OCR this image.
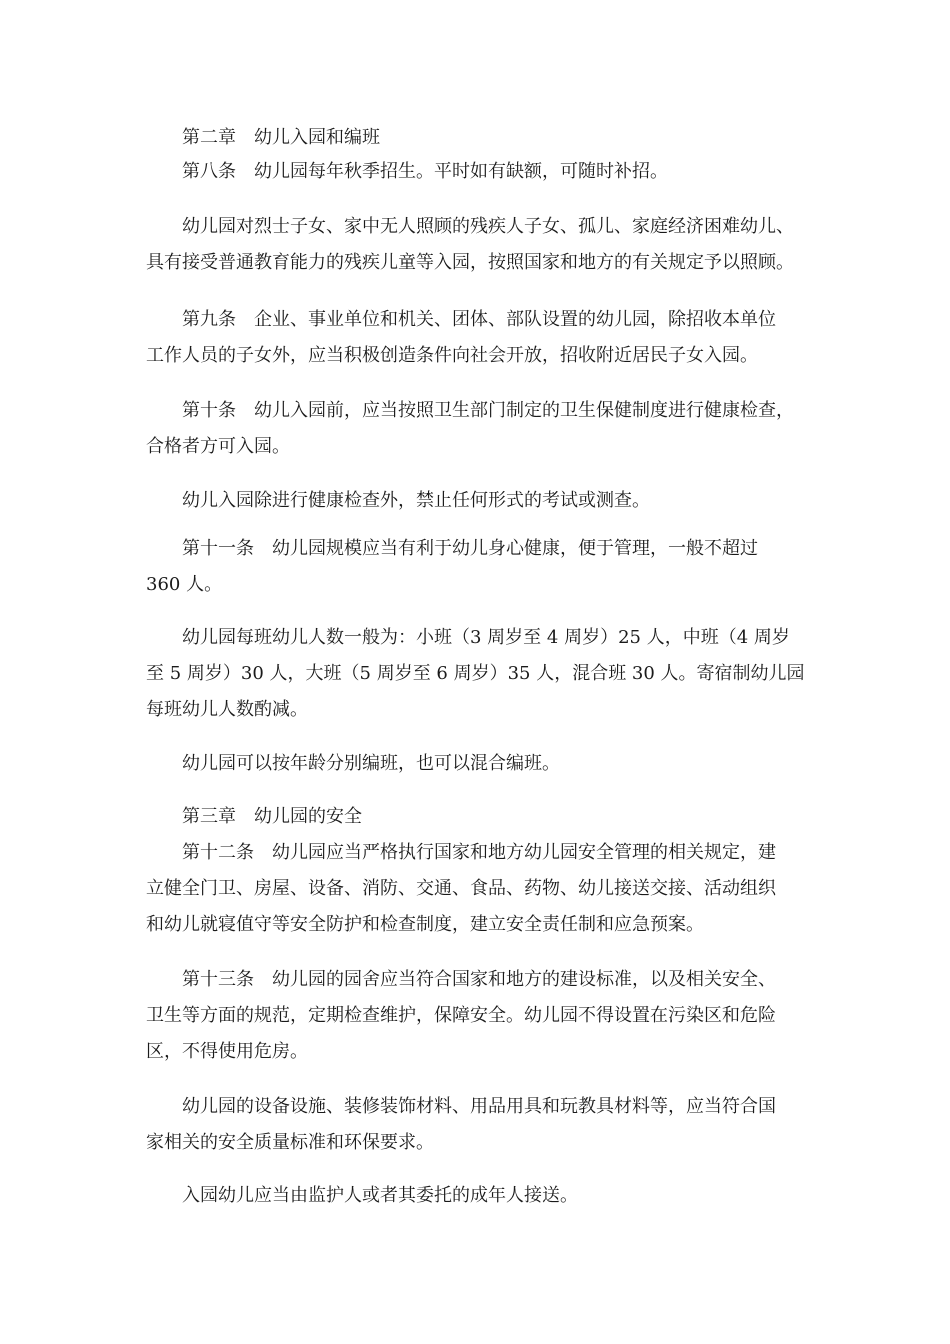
第二章　幼儿入园和编班
第八条　幼儿园每年秋季招生。平时如有缺额，可随时补招。
幼儿园对烈士子女、家中无人照顾的残疾人子女、孤儿、家庭经济困难幼儿、
具有接受普通教育能力的残疾儿童等入园，按照国家和地方的有关规定予以照顾。
第九条　企业、事业单位和机关、团体、部队设置的幼儿园，除招收本单位
工作人员的子女外，应当积极创造条件向社会开放，招收附近居民子女入园。
第十条　幼儿入园前，应当按照卫生部门制定的卫生保健制度进行健康检查，
合格者方可入园。
幼儿入园除进行健康检查外，禁止任何形式的考试或测查。
第十一条　幼儿园规模应当有利于幼儿身心健康，便于管理，一般不超过
360 人。
幼儿园每班幼儿人数一般为：小班（3 周岁至 4 周岁）25 人，中班（4 周岁
至 5 周岁）30 人，大班（5 周岁至 6 周岁）35 人，混合班 30 人。寄宿制幼儿园
每班幼儿人数酌减。
幼儿园可以按年龄分别编班，也可以混合编班。
第三章　幼儿园的安全
第十二条　幼儿园应当严格执行国家和地方幼儿园安全管理的相关规定，建
立健全门卫、房屋、设备、消防、交通、食品、药物、幼儿接送交接、活动组织
和幼儿就寝值守等安全防护和检查制度，建立安全责任制和应急预案。
第十三条　幼儿园的园舍应当符合国家和地方的建设标准，以及相关安全、
卫生等方面的规范，定期检查维护，保障安全。幼儿园不得设置在污染区和危险
区，不得使用危房。
幼儿园的设备设施、装修装饰材料、用品用具和玩教具材料等，应当符合国
家相关的安全质量标准和环保要求。
入园幼儿应当由监护人或者其委托的成年人接送。
